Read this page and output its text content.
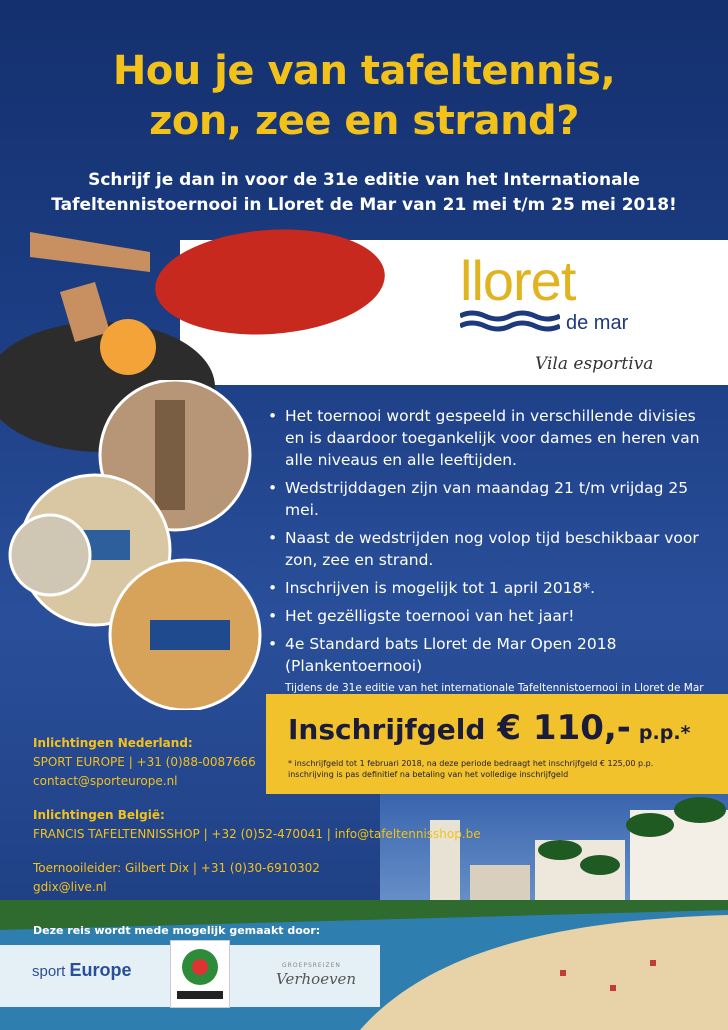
Hou je van tafeltennis,
zon, zee en strand?
Schrijf je dan in voor de 31e editie van het Internationale
Tafeltennistoernooi in Lloret de Mar van 21 mei t/m 25 mei 2018!
lloret
de mar
Vila esportiva
• Het toernooi wordt gespeeld in verschillende divisies en is daardoor toegankelijk voor dames en heren van alle niveaus en alle leeftijden.
• Wedstrijddagen zijn van maandag 21 t/m vrijdag 25 mei.
• Naast de wedstrijden nog volop tijd beschikbaar voor zon, zee en strand.
• Inschrijven is mogelijk tot 1 april 2018*.
• Het gezëlligste toernooi van het jaar!
• 4e Standard bats Lloret de Mar Open 2018 (Plankentoernooi)
Tijdens de 31e editie van het internationale Tafeltennistoernooi in Lloret de Mar
Inschrijfgeld € 110,- p.p.*
* inschrijfgeld tot 1 februari 2018, na deze periode bedraagt het inschrijfgeld € 125,00 p.p.
inschrijving is pas definitief na betaling van het volledige inschrijfgeld
Inlichtingen Nederland:
SPORT EUROPE | +31 (0)88-0087666
contact@sporteurope.nl
Inlichtingen België:
FRANCIS TAFELTENNISSHOP | +32 (0)52-470041 | info@tafeltennisshop.be
Toernooileider: Gilbert Dix | +31 (0)30-6910302
gdix@live.nl
Deze reis wordt mede mogelijk gemaakt door:
sport Europe	GROEPSREIZEN
Verhoeven
